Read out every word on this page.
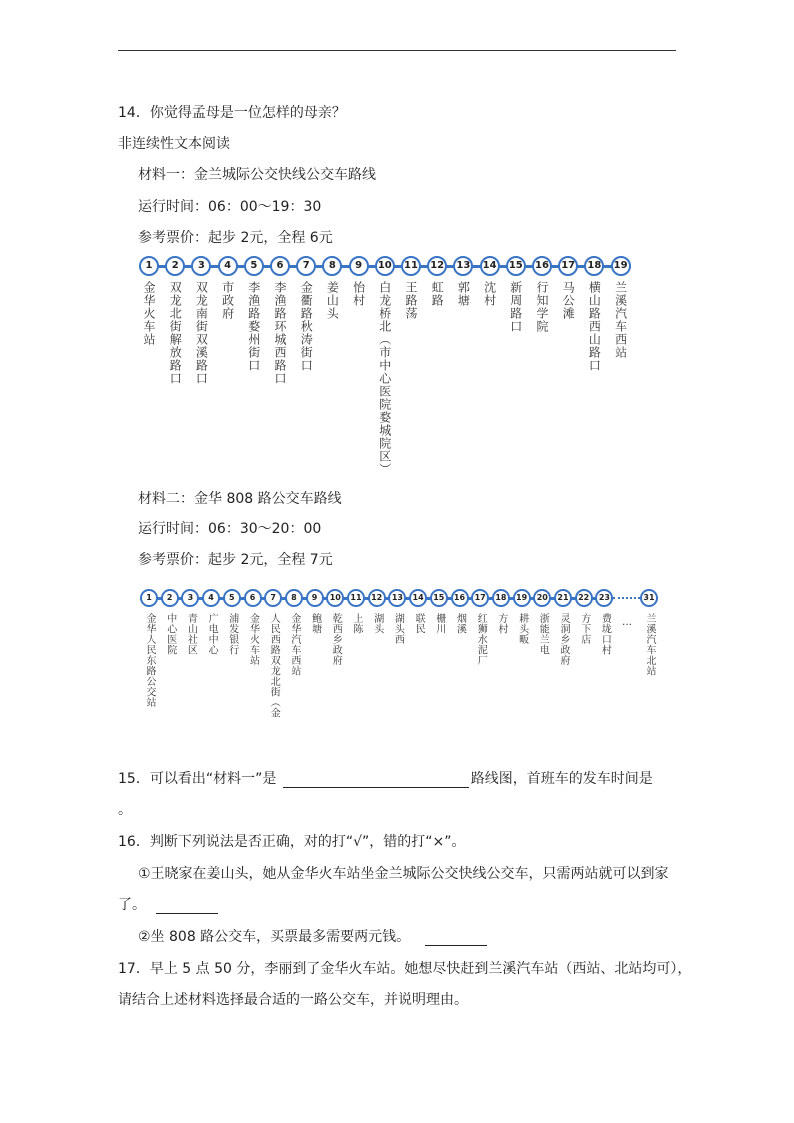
14．你觉得孟母是一位怎样的母亲？
非连续性文本阅读
材料一：金兰城际公交快线公交车路线
运行时间：06：00～19：30
参考票价：起步 2元，全程 6元
1
金华火车站
2
双龙北街解放路口
3
双龙南街双溪路口
4
市政府
5
李渔路婺州街口
6
李渔路环城西路口
7
金衢路秋涛街口
8
姜山头
9
怡村
10
白龙桥北︵市中心医院婺城院区︶
11
王路荡
12
虹路
13
郭塘
14
沈村
15
新周路口
16
行知学院
17
马公滩
18
横山路西山路口
19
兰溪汽车西站
材料二：金华 808 路公交车路线
运行时间：06：30～20：00
参考票价：起步 2元，全程 7元
1
金华人民东路公交站
2
中心医院
3
青山社区
4
广电中心
5
浦发银行
6
金华火车站
7
人民西路双龙北街︵金
8
金华汽车西站
9
鲍塘
10
乾西乡政府
11
上陈
12
湖头
13
湖头西
14
联民
15
栅川
16
烟溪
17
红狮水泥厂
18
方村
19
耕头畈
20
浙能兰电
21
灵洞乡政府
22
方下店
23
费垅口村
31
兰溪汽车北站
…
15．可以看出“材料一”是	路线图，首班车的发车时间是
。
16．判断下列说法是否正确，对的打“√”，错的打“×”。
①王晓家在姜山头，她从金华火车站坐金兰城际公交快线公交车，只需两站就可以到家
了。
②坐 808 路公交车，买票最多需要两元钱。
17．早上 5 点 50 分，李丽到了金华火车站。她想尽快赶到兰溪汽车站（西站、北站均可），
请结合上述材料选择最合适的一路公交车，并说明理由。
